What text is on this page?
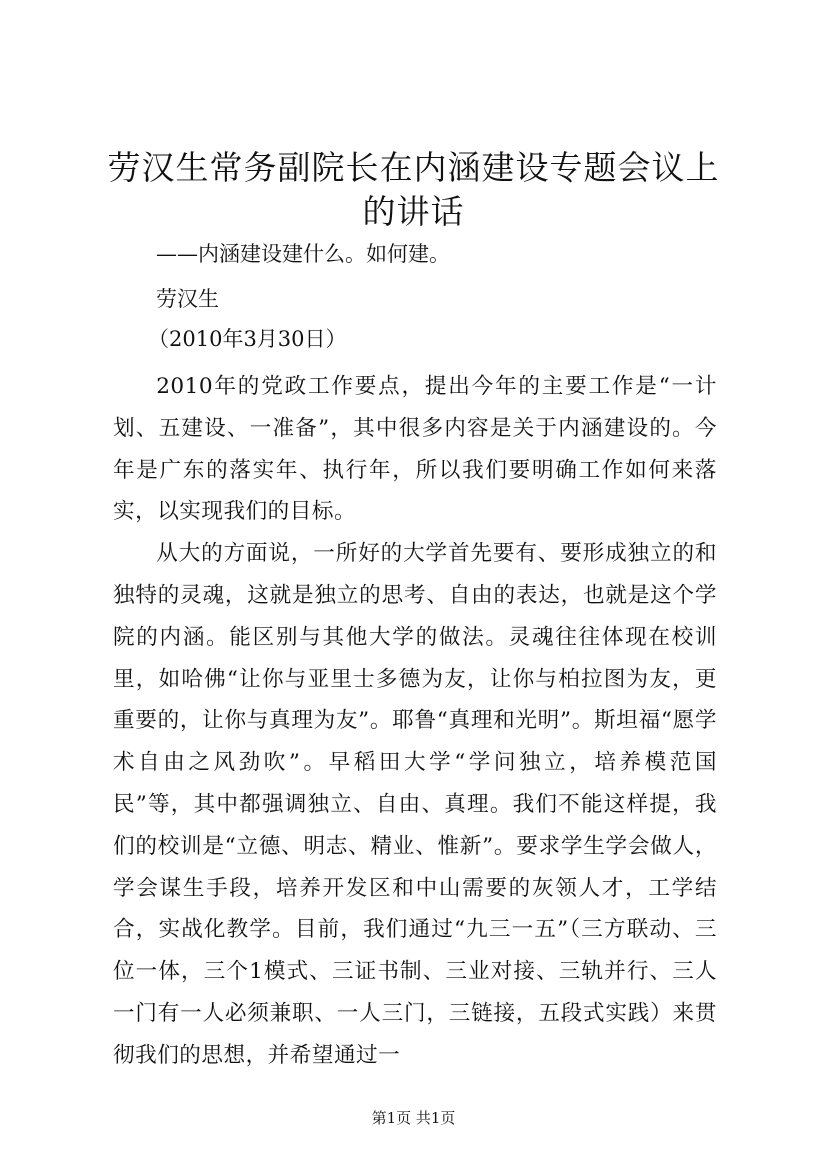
劳汉生常务副院长在内涵建设专题会议上的讲话

——内涵建设建什么。如何建。

劳汉生

（2010年3月30日）

2010年的党政工作要点，提出今年的主要工作是“一计划、五建设、一准备”，其中很多内容是关于内涵建设的。今年是广东的落实年、执行年，所以我们要明确工作如何来落实，以实现我们的目标。

从大的方面说，一所好的大学首先要有、要形成独立的和独特的灵魂，这就是独立的思考、自由的表达，也就是这个学院的内涵。能区别与其他大学的做法。灵魂往往体现在校训里，如哈佛“让你与亚里士多德为友，让你与柏拉图为友，更重要的，让你与真理为友”。耶鲁“真理和光明”。斯坦福“愿学术自由之风劲吹”。早稻田大学“学问独立，培养模范国民”等，其中都强调独立、自由、真理。我们不能这样提，我们的校训是“立德、明志、精业、惟新”。要求学生学会做人，学会谋生手段，培养开发区和中山需要的灰领人才，工学结合，实战化教学。目前，我们通过“九三一五”（三方联动、三位一体，三个1模式、三证书制、三业对接、三轨并行、三人一门有一人必须兼职、一人三门，三链接，五段式实践）来贯彻我们的思想，并希望通过一

第1页 共1页
